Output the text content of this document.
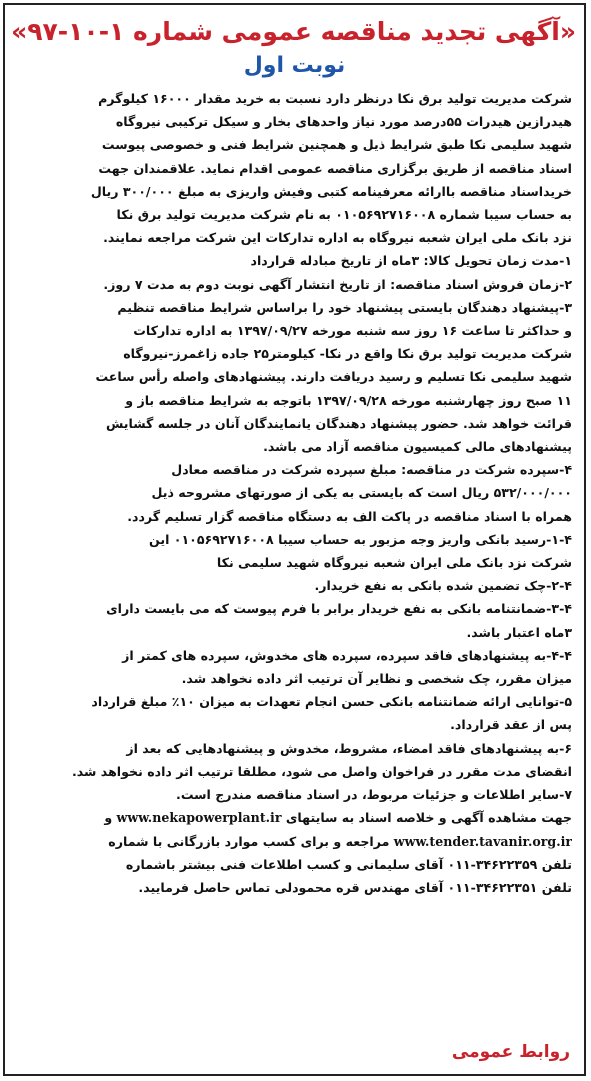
«آگهی تجدید مناقصه عمومی شماره ۱-۱۰-۹۷»
نوبت اول
شرکت مدیریت تولید برق نکا درنظر دارد نسبت به خرید مقدار ۱۶۰۰۰ کیلوگرم
هیدرازین هیدرات ۵۵درصد مورد نیاز واحدهای بخار و سیکل ترکیبی نیروگاه
شهید سلیمی نکا طبق شرایط ذیل و همچنین شرایط فنی و خصوصی پیوست
اسناد مناقصه از طریق برگزاری مناقصه عمومی اقدام نماید. علاقمندان جهت
خریداسناد مناقصه باارائه معرفینامه کتبی وفیش واریزی به مبلغ ۳۰۰/۰۰۰ ریال
به حساب سیبا شماره ۰۱۰۵۶۹۲۷۱۶۰۰۸ به نام شرکت مدیریت تولید برق نکا
نزد بانک ملی ایران شعبه نیروگاه به اداره تدارکات این شرکت مراجعه نمایند.
۱-مدت زمان تحویل کالا: ۳ماه از تاریخ مبادله قرارداد
۲-زمان فروش اسناد مناقصه: از تاریخ انتشار آگهی نوبت دوم به مدت ۷ روز.
۳-پیشنهاد دهندگان بایستی پیشنهاد خود را براساس شرایط مناقصه تنظیم
و حداکثر تا ساعت ۱۶ روز سه شنبه مورخه ۱۳۹۷/۰۹/۲۷ به اداره تدارکات
شرکت مدیریت تولید برق نکا واقع در نکا- کیلومتر۲۵ جاده زاغمرز-نیروگاه
شهید سلیمی نکا تسلیم و رسید دریافت دارند. پیشنهادهای واصله رأس ساعت
۱۱ صبح روز چهارشنبه مورخه ۱۳۹۷/۰۹/۲۸ باتوجه به شرایط مناقصه باز و
قرائت خواهد شد. حضور پیشنهاد دهندگان یانمایندگان آنان در جلسه گشایش
پیشنهادهای مالی کمیسیون مناقصه آزاد می باشد.
۴-سپرده شرکت در مناقصه: مبلغ سپرده شرکت در مناقصه معادل
۵۳۲/۰۰۰/۰۰۰ ریال است که بایستی به یکی از صورتهای مشروحه ذیل
همراه با اسناد مناقصه در پاکت الف به دستگاه مناقصه گزار تسلیم گردد.
۱-۴-رسید بانکی واریز وجه مزبور به حساب سیبا ۰۱۰۵۶۹۲۷۱۶۰۰۸ این
شرکت نزد بانک ملی ایران شعبه نیروگاه شهید سلیمی نکا
۲-۴-چک تضمین شده بانکی به نفع خریدار.
۳-۴-ضمانتنامه بانکی به نفع خریدار برابر با فرم پیوست که می بایست دارای
۳ماه اعتبار باشد.
۴-۴-به پیشنهادهای فاقد سپرده، سپرده های مخدوش، سپرده های کمتر از
میزان مقرر، چک شخصی و نظایر آن ترتیب اثر داده نخواهد شد.
۵-توانایی ارائه ضمانتنامه بانکی حسن انجام تعهدات به میزان ۱۰٪ مبلغ قرارداد
پس از عقد قرارداد.
۶-به پیشنهادهای فاقد امضاء، مشروط، مخدوش و پیشنهادهایی که بعد از
انقضای مدت مقرر در فراخوان واصل می شود، مطلقا ترتیب اثر داده نخواهد شد.
۷-سایر اطلاعات و جزئیات مربوط، در اسناد مناقصه مندرج است.
جهت مشاهده آگهی و خلاصه اسناد به سایتهای www.nekapowerplant.ir و
www.tender.tavanir.org.ir مراجعه و برای کسب موارد بازرگانی با شماره
تلفن ۳۴۶۲۲۳۵۹-۰۱۱ آقای سلیمانی و کسب اطلاعات فنی بیشتر باشماره
تلفن ۳۴۶۲۲۳۵۱-۰۱۱ آقای مهندس قره محمودلی تماس حاصل فرمایید.
روابط عمومی
